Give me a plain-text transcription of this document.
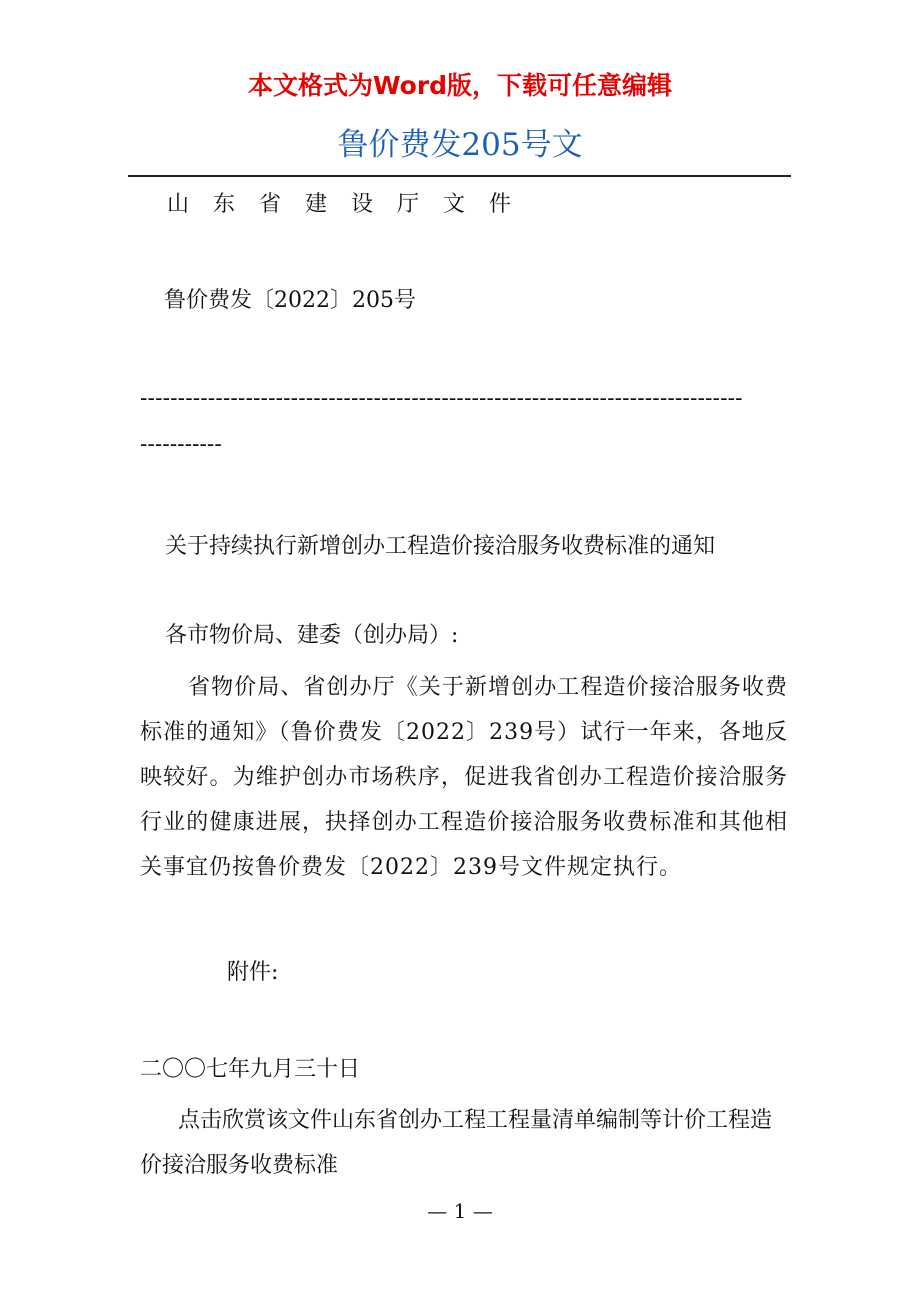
本文格式为Word版，下载可任意编辑
鲁价费发205号文
山东省建设厅文件
鲁价费发〔2022〕205号
--------------------------------------------------------------------------------
-----------
关于持续执行新增创办工程造价接洽服务收费标准的通知
各市物价局、建委（创办局）:
省物价局、省创办厅《关于新增创办工程造价接洽服务收费标准的通知》（鲁价费发〔2022〕239号）试行一年来，各地反映较好。为维护创办市场秩序，促进我省创办工程造价接洽服务行业的健康进展，抉择创办工程造价接洽服务收费标准和其他相关事宜仍按鲁价费发〔2022〕239号文件规定执行。
附件:
二〇〇七年九月三十日
点击欣赏该文件山东省创办工程工程量清单编制等计价工程造价接洽服务收费标准
— 1 —
